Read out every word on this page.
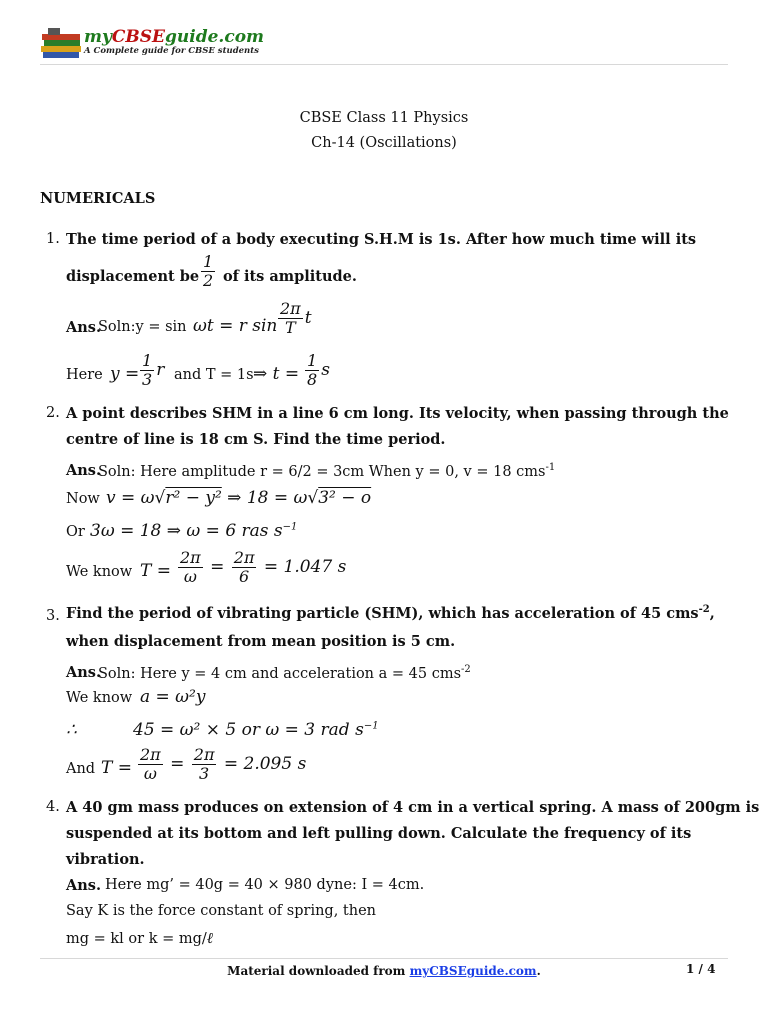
myCBSEguide.com
A Complete guide for CBSE students
CBSE Class 11 Physics
Ch-14 (Oscillations)
NUMERICALS
1. The time period of a body executing S.H.M is 1s. After how much time will its
displacement be $\frac{1}{2}$ of its amplitude.
Ans.
Soln:y = sin ωt = r $\sin \frac{2\pi}{T}$ t
Here $y = \frac{1}{3}$ r and T = 1s ⇒ $t = \frac{1}{8}$ s
2. A point describes SHM in a line 6 cm long. Its velocity, when passing through the
centre of line is 18 cm S. Find the time period.
Ans.
Soln: Here amplitude r = 6/2 = 3cm When y = 0, v = 18 cms$^{-1}$
Now v = ω√r² − y² ⇒ 18 = ω√3² − o
Or 3ω = 18 ⇒ ω = 6 ras $s^{-1}$
We know $T = \frac{2\pi}{\omega} = \frac{2\pi}{6} = 1.047$ s
3. Find the period of vibrating particle (SHM), which has acceleration of 45 cms$^{-2}$,
when displacement from mean position is 5 cm.
Ans.
Soln: Here y = 4 cm and acceleration a = 45 cms$^{-2}$
We know a = ω²y
∴	45 = ω² × 5 or ω = 3 rad $s^{-1}$
And $T = \frac{2\pi}{\omega} = \frac{2\pi}{3} = 2.095$ s
4. A 40 gm mass produces on extension of 4 cm in a vertical spring. A mass of 200gm is
suspended at its bottom and left pulling down. Calculate the frequency of its
vibration.
Ans. Here mg’ = 40g = 40 × 980 dyne: I = 4cm.
Say K is the force constant of spring, then
mg = kl or k = mg/ℓ
Material downloaded from myCBSEguide.com.	1 / 4
